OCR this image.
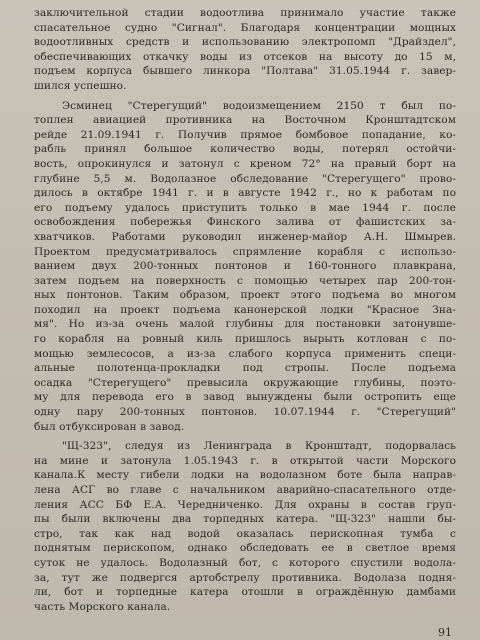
заключительной стадии водоотлива принимало участие также
спасательное судно "Сигнал". Благодаря концентрации мощных
водоотливных средств и использованию электропомп "Драйздел",
обеспечивающих откачку воды из отсеков на высоту до 15 м,
подъем корпуса бывшего линкора "Полтава" 31.05.1944 г. завер-
шился успешно.
Эсминец "Стерегущий" водоизмещением 2150 т был по-
топлен авиацией противника на Восточном Кронштадтском
рейде 21.09.1941 г. Получив прямое бомбовое попадание, ко-
рабль принял большое количество воды, потерял остойчи-
вость, опрокинулся и затонул с креном 72° на правый борт на
глубине 5,5 м. Водолазное обследование "Стерегущего" прово-
дилось в октябре 1941 г. и в августе 1942 г., но к работам по
его подъему удалось приступить только в мае 1944 г. после
освобождения побережья Финского залива от фашистских за-
хватчиков. Работами руководил инженер-майор А.Н. Шмырев.
Проектом предусматривалось спрямление корабля с использо-
ванием двух 200-тонных понтонов и 160-тонного плавкрана,
затем подъем на поверхность с помощью четырех пар 200-тон-
ных понтонов. Таким образом, проект этого подъема во многом
походил на проект подъема канонерской лодки "Красное Зна-
мя". Но из-за очень малой глубины для постановки затонувше-
го корабля на ровный киль пришлось вырыть котлован с по-
мощью землесосов, а из-за слабого корпуса применить специ-
альные полотенца-прокладки под стропы. После подъема
осадка "Стерегущего" превысила окружающие глубины, поэто-
му для перевода его в завод вынуждены были остропить еще
одну пару 200-тонных понтонов. 10.07.1944 г. "Стерегущий"
был отбуксирован в завод.
"Щ-323", следуя из Ленинграда в Кронштадт, подорвалась
на мине и затонула 1.05.1943 г. в открытой части Морского
канала.К месту гибели лодки на водолазном боте была направ-
лена АСГ во главе с начальником аварийно-спасательного отде-
ления АСС БФ Е.А. Чередниченко. Для охраны в состав груп-
пы были включены два торпедных катера. "Щ-323" нашли бы-
стро, так как над водой оказалась перископная тумба с
поднятым перископом, однако обследовать ее в светлое время
суток не удалось. Водолазный бот, с которого спустили водола-
за, тут же подвергся артобстрелу противника. Водолаза подня-
ли, бот и торпедные катера отошли в ограждённую дамбами
часть Морского канала.
91
